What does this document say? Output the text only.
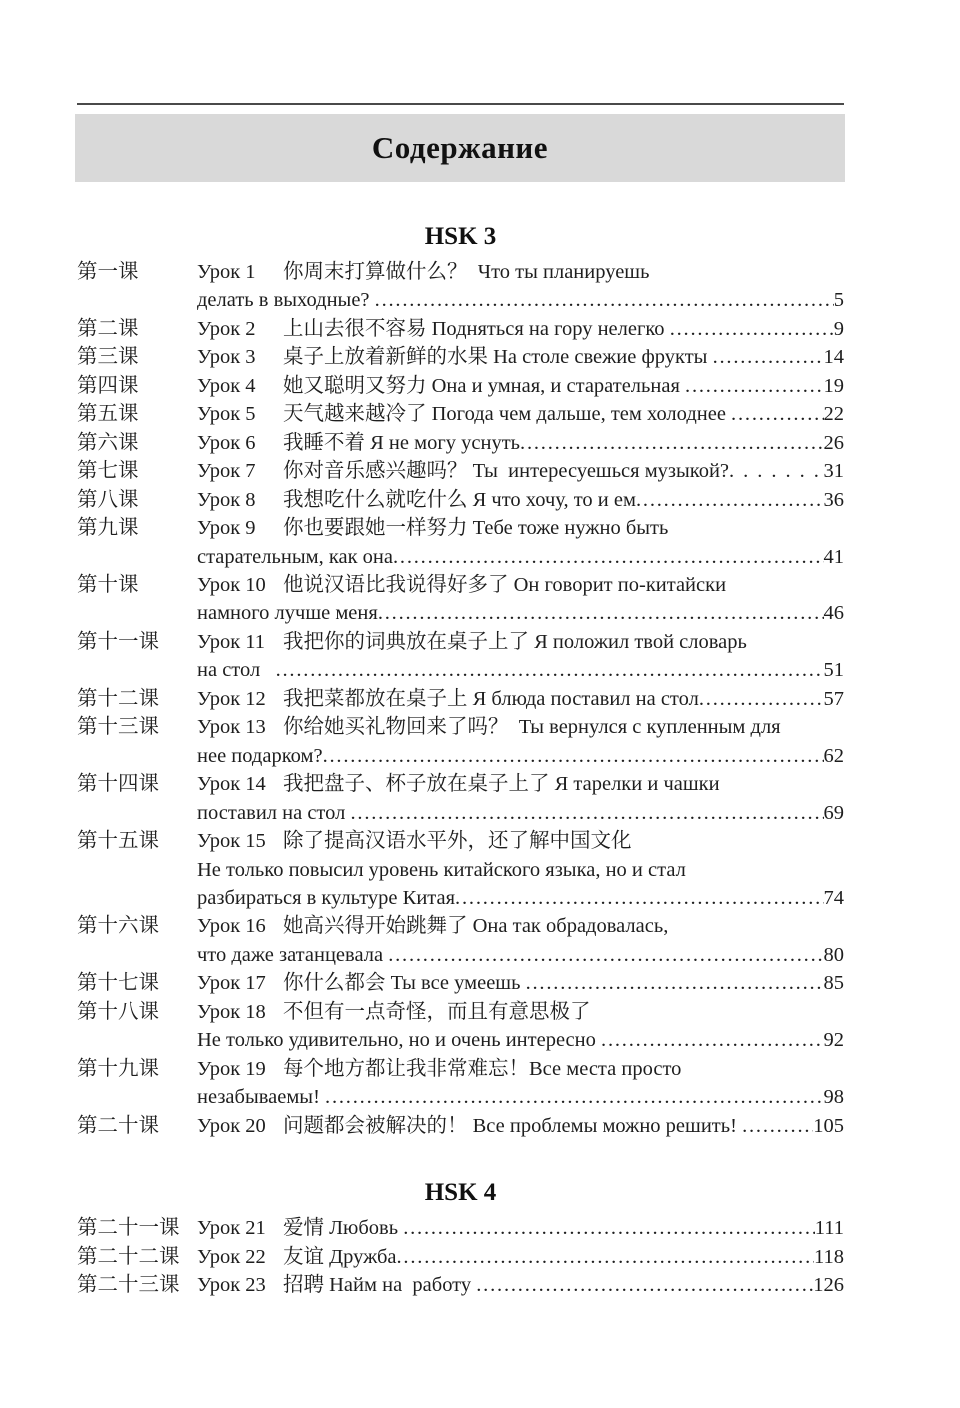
Содержание
HSK 3
第一课	Урок 1	你周末打算做什么？  Что ты планируешь
делать в выходные? .....	5
第二课	Урок 2	上山去很不容易 Подняться на гору нелегко .....	9
第三课	Урок 3	桌子上放着新鲜的水果 На столе свежие фрукты .....	14
第四课	Урок 4	她又聪明又努力 Она и умная, и старательная .....	19
第五课	Урок 5	天气越来越冷了 Погода чем дальше, тем холоднее .....	22
第六课	Урок 6	我睡不着 Я не могу уснуть .....	26
第七课	Урок 7	你对音乐感兴趣吗？ Ты  интересуешься музыкой? .....	31
第八课	Урок 8	我想吃什么就吃什么 Я что хочу, то и ем .....	36
第九课	Урок 9	你也要跟她一样努力 Тебе тоже нужно быть
старательным, как она .....	41
第十课	Урок 10 他说汉语比我说得好多了 Он говорит по-китайски
намного лучше меня .....	46
第十一课	Урок 11 我把你的词典放在桌子上了 Я положил твой словарь
на стол .....	51
第十二课	Урок 12 我把菜都放在桌子上 Я блюда поставил на стол .....	57
第十三课	Урок 13 你给她买礼物回来了吗？  Ты вернулся с купленным для
нее подарком? .....	62
第十四课	Урок 14 我把盘子、杯子放在桌子上了 Я тарелки и чашки
поставил на стол .....	69
第十五课	Урок 15 除了提高汉语水平外，还了解中国文化
Не только повысил уровень китайского языка, но и стал
разбираться в культуре Китая .....	74
第十六课	Урок 16 她高兴得开始跳舞了 Она так обрадовалась,
что даже затанцевала .....	80
第十七课	Урок 17 你什么都会 Ты все умеешь .....	85
第十八课	Урок 18 不但有一点奇怪，而且有意思极了
Не только удивительно, но и очень интересно .....	92
第十九课	Урок 19 每个地方都让我非常难忘！Все места просто
незабываемы! .....	98
第二十课	Урок 20 问题都会被解决的！ Все проблемы можно решить! .....	105
HSK 4
第二十一课 Урок 21 爱情 Любовь .....	111
第二十二课 Урок 22 友谊 Дружба .....	118
第二十三课 Урок 23 招聘 Найм на  работу .....	126
